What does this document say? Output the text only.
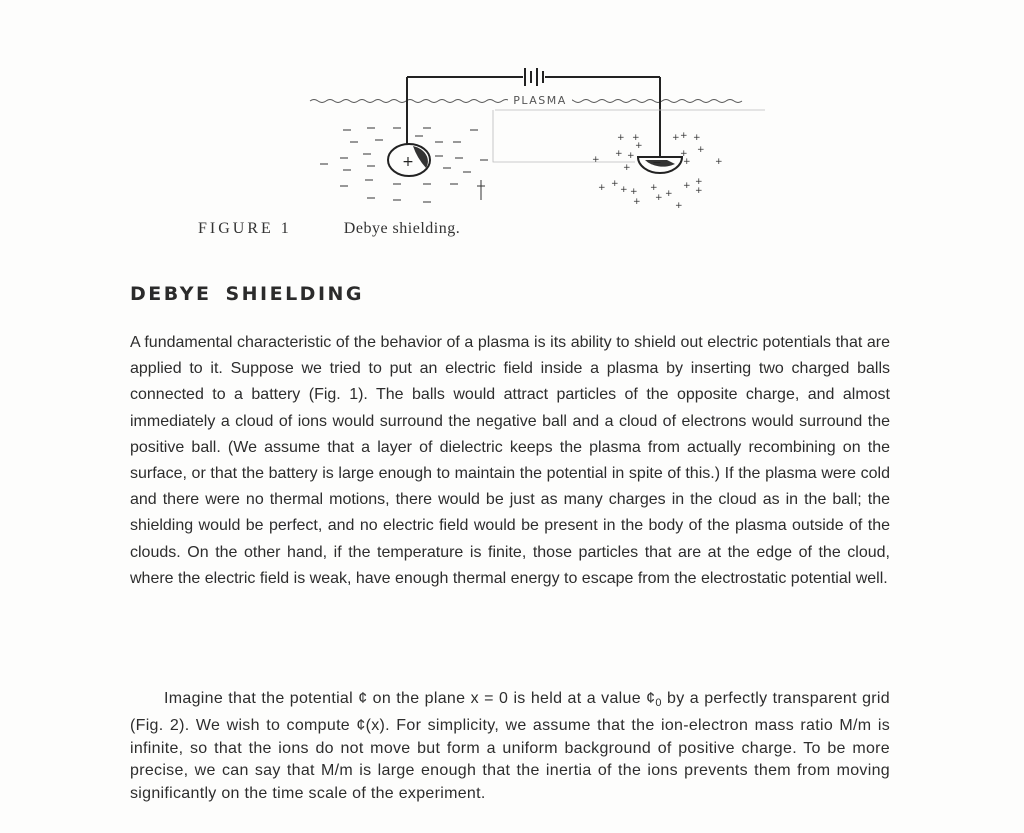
PLASMA
+	−
+ +	+ + +
+
+ +	+ +
+
+
+	+
+ +
+ + +
+
+ +
+
+ +
+
FIGURE 1	Debye shielding.
DEBYE SHIELDING

A fundamental characteristic of the behavior of a plasma is its ability to shield out electric potentials that are applied to it. Suppose we tried to put an electric field inside a plasma by inserting two charged balls connected to a battery (Fig. 1). The balls would attract particles of the opposite charge, and almost immediately a cloud of ions would surround the negative ball and a cloud of electrons would surround the positive ball. (We assume that a layer of dielectric keeps the plasma from actually recombining on the surface, or that the battery is large enough to maintain the potential in spite of this.) If the plasma were cold and there were no thermal motions, there would be just as many charges in the cloud as in the ball; the shielding would be perfect, and no electric field would be present in the body of the plasma outside of the clouds. On the other hand, if the temperature is finite, those particles that are at the edge of the cloud, where the electric field is weak, have enough thermal energy to escape from the electrostatic potential well.

Imagine that the potential ¢ on the plane x = 0 is held at a value $¢_0$ by a perfectly transparent grid (Fig. 2). We wish to compute ¢(x). For simplicity, we assume that the ion-electron mass ratio M/m is infinite, so that the ions do not move but form a uniform background of positive charge. To be more precise, we can say that M/m is large enough that the inertia of the ions prevents them from moving significantly on the time scale of the experiment.
